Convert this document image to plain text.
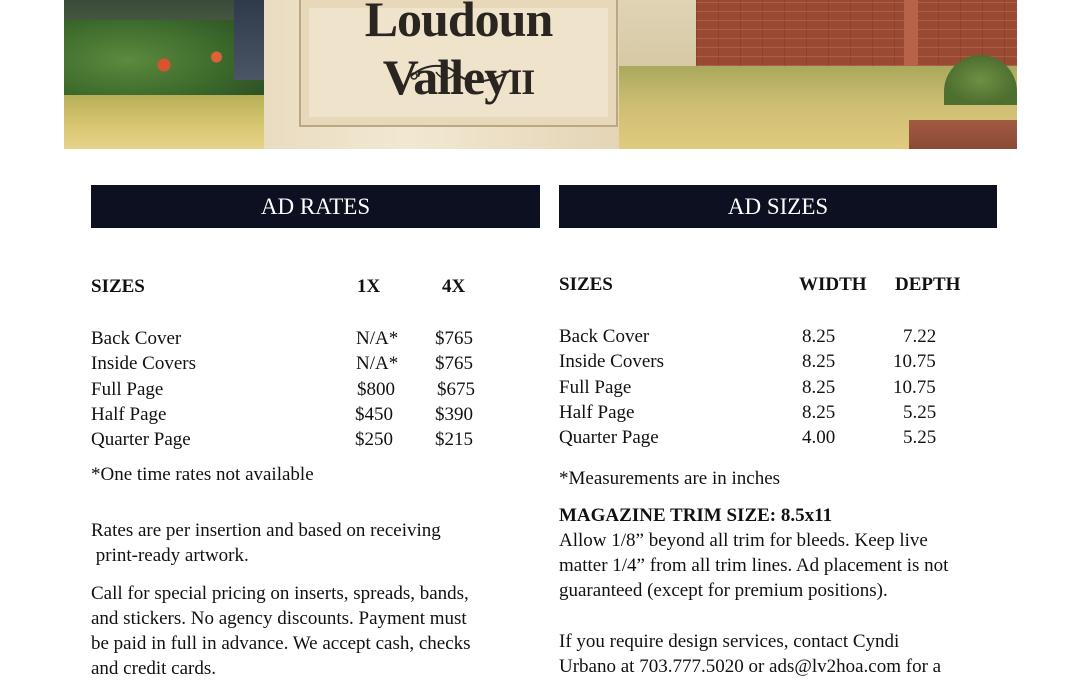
Loudoun ValleyII
AD RATES
SIZES	1X	4X
Back Cover	N/A* $765
Inside Covers	N/A* $765
Full Page	$800 $675
Half Page	$450 $390
Quarter Page	$250 $215
*One time rates not available
Rates are per insertion and based on receiving
print-ready artwork.
Call for special pricing on inserts, spreads, bands,
and stickers. No agency discounts. Payment must
be paid in full in advance. We accept cash, checks
and credit cards.
AD SIZES
SIZES	WIDTH DEPTH
Back Cover	8.25	7.22
Inside Covers	8.25	10.75
Full Page	8.25	10.75
Half Page	8.25	5.25
Quarter Page	4.00	5.25
*Measurements are in inches
MAGAZINE TRIM SIZE: 8.5x11
Allow 1/8” beyond all trim for bleeds. Keep live
matter 1/4” from all trim lines. Ad placement is not
guaranteed (except for premium positions).
If you require design services, contact Cyndi
Urbano at 703.777.5020 or ads@lv2hoa.com for a
